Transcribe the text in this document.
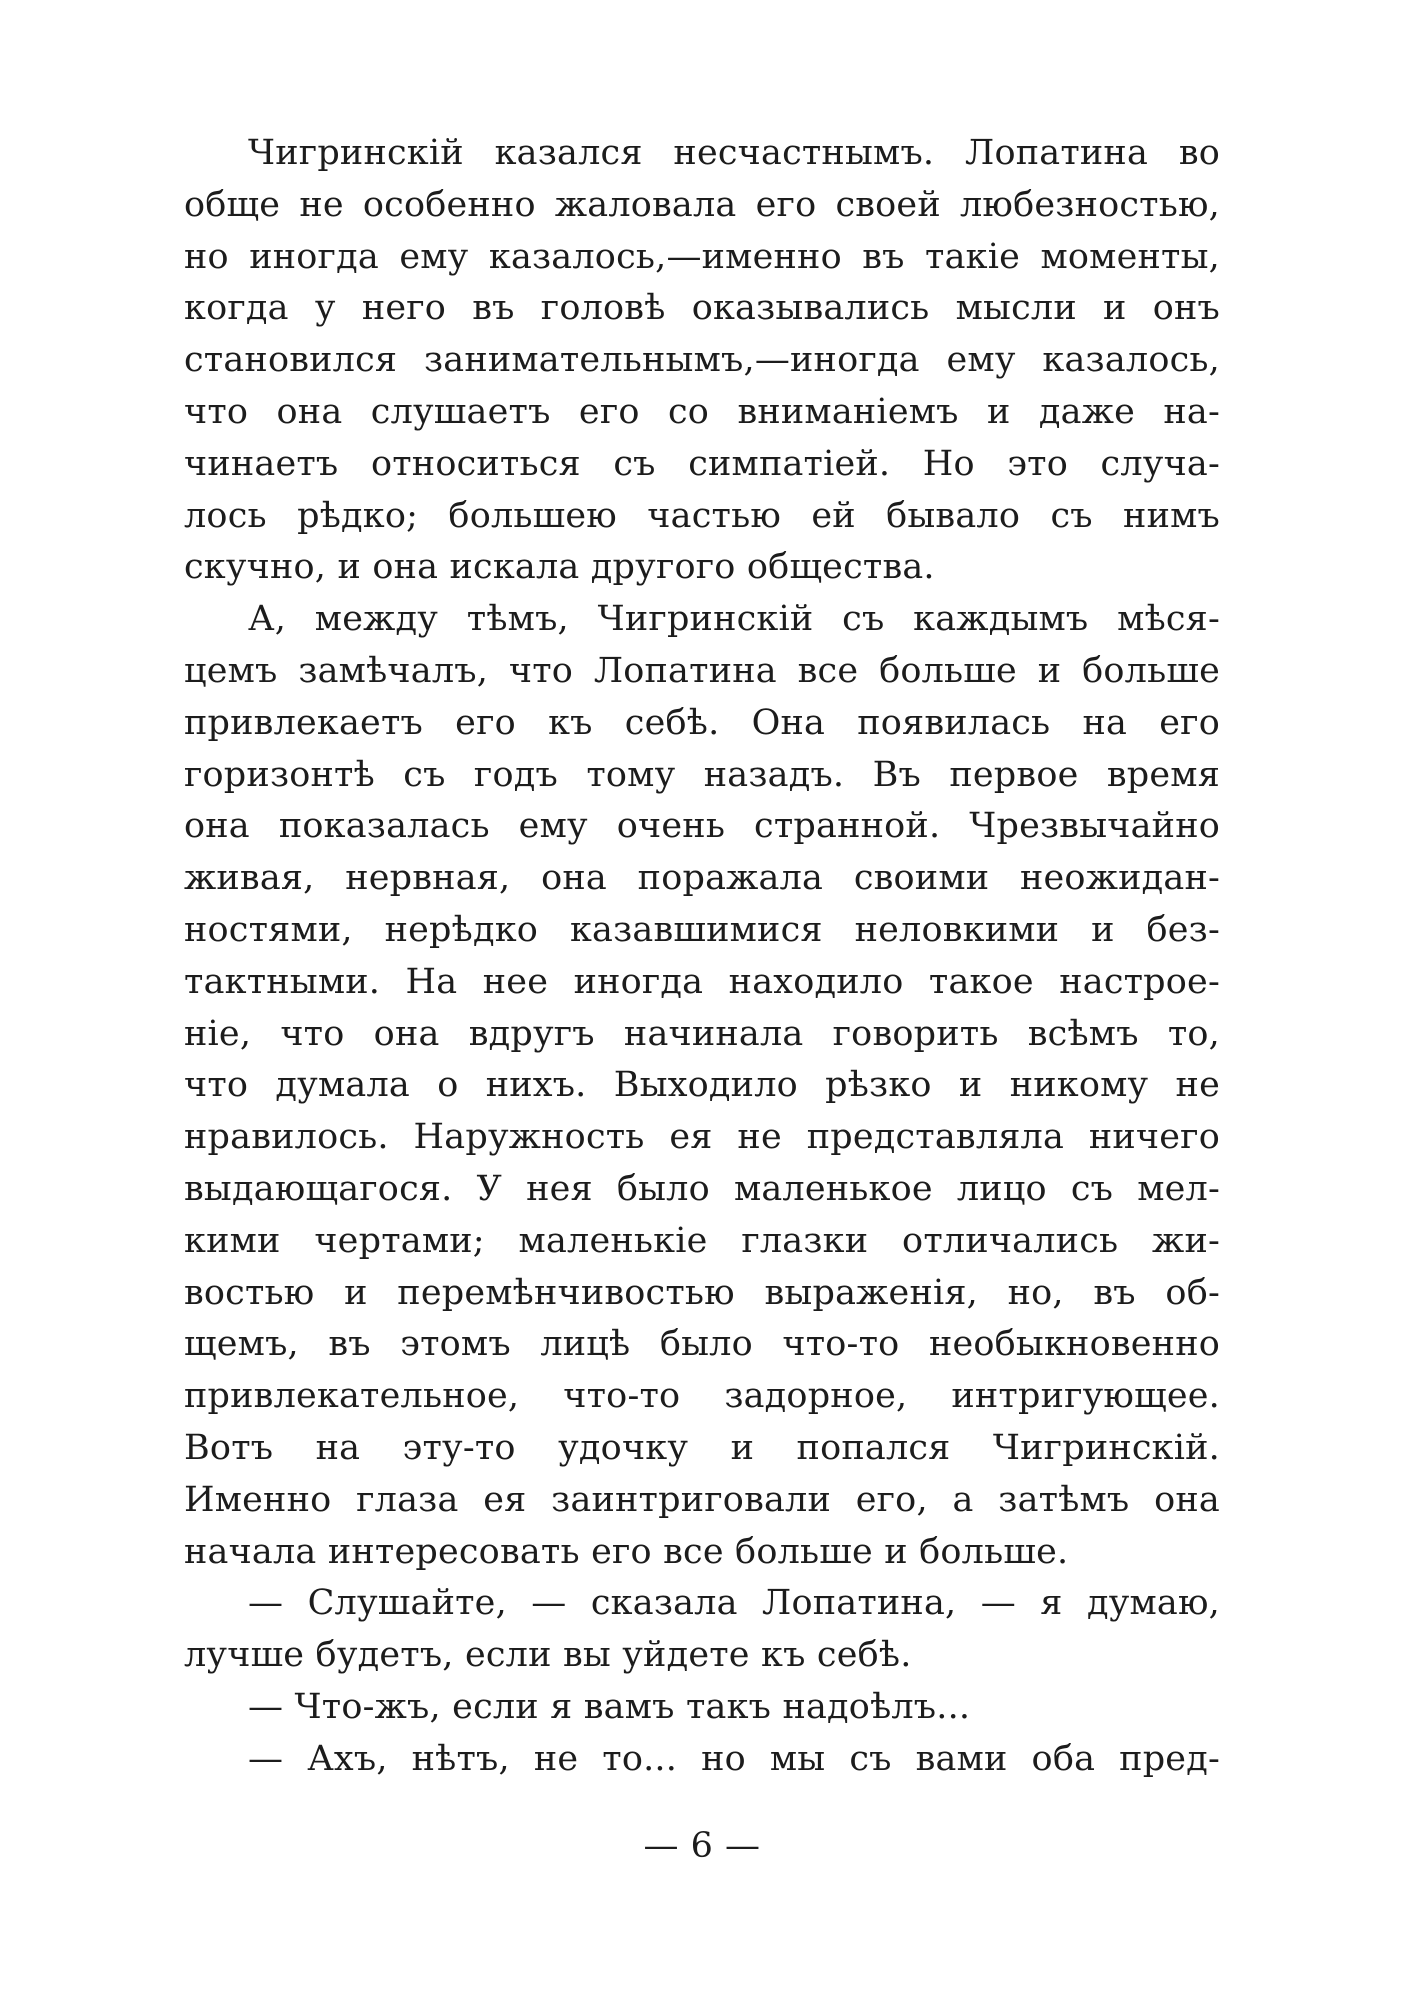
Чигринскій казался несчастнымъ. Лопатина во
обще не особенно жаловала его своей любезностью,
но иногда ему казалось,—именно въ такіе моменты,
когда у него въ головѣ оказывались мысли и онъ
становился занимательнымъ,—иногда ему казалось,
что она слушаетъ его со вниманіемъ и даже на-
чинаетъ относиться съ симпатіей. Но это случа-
лось рѣдко; большею частью ей бывало съ нимъ
скучно, и она искала другого общества.
А, между тѣмъ, Чигринскій съ каждымъ мѣся-
цемъ замѣчалъ, что Лопатина все больше и больше
привлекаетъ его къ себѣ. Она появилась на его
горизонтѣ съ годъ тому назадъ. Въ первое время
она показалась ему очень странной. Чрезвычайно
живая, нервная, она поражала своими неожидан-
ностями, нерѣдко казавшимися неловкими и без-
тактными. На нее иногда находило такое настрое-
ніе, что она вдругъ начинала говорить всѣмъ то,
что думала о нихъ. Выходило рѣзко и никому не
нравилось. Наружность ея не представляла ничего
выдающагося. У нея было маленькое лицо съ мел-
кими чертами; маленькіе глазки отличались жи-
востью и перемѣнчивостью выраженія, но, въ об-
щемъ, въ этомъ лицѣ было что-то необыкновенно
привлекательное, что-то задорное, интригующее.
Вотъ на эту-то удочку и попался Чигринскій.
Именно глаза ея заинтриговали его, а затѣмъ она
начала интересовать его все больше и больше.
— Слушайте, — сказала Лопатина, — я думаю,
лучше будетъ, если вы уйдете къ себѣ.
— Что-жъ, если я вамъ такъ надоѣлъ...
— Ахъ, нѣтъ, не то... но мы съ вами оба пред-
— 6 —
